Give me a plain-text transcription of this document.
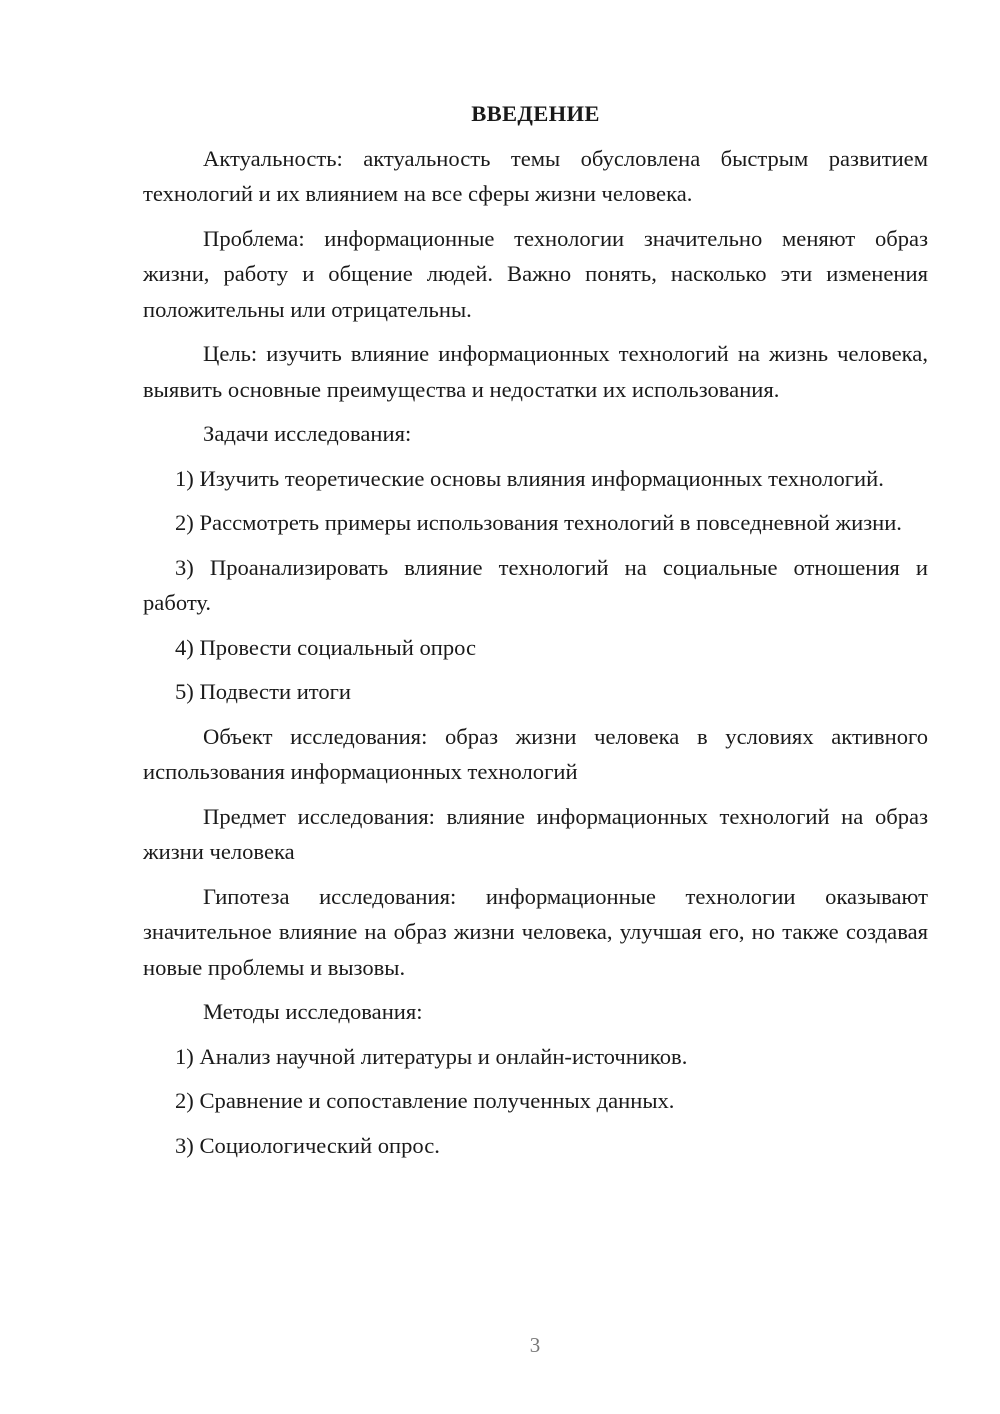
ВВЕДЕНИЕ

Актуальность: актуальность темы обусловлена быстрым развитием технологий и их влиянием на все сферы жизни человека.

Проблема: информационные технологии значительно меняют образ жизни, работу и общение людей. Важно понять, насколько эти изменения положительны или отрицательны.

Цель: изучить влияние информационных технологий на жизнь человека, выявить основные преимущества и недостатки их использования.

Задачи исследования:

1) Изучить теоретические основы влияния информационных технологий.

2) Рассмотреть примеры использования технологий в повседневной жизни.

3) Проанализировать влияние технологий на социальные отношения и работу.

4) Провести социальный опрос

5) Подвести итоги

Объект исследования: образ жизни человека в условиях активного использования информационных технологий

Предмет исследования: влияние информационных технологий на образ жизни человека

Гипотеза исследования: информационные технологии оказывают значительное влияние на образ жизни человека, улучшая его, но также создавая новые проблемы и вызовы.

Методы исследования:

1) Анализ научной литературы и онлайн-источников.

2) Сравнение и сопоставление полученных данных.

3) Социологический опрос.

3
